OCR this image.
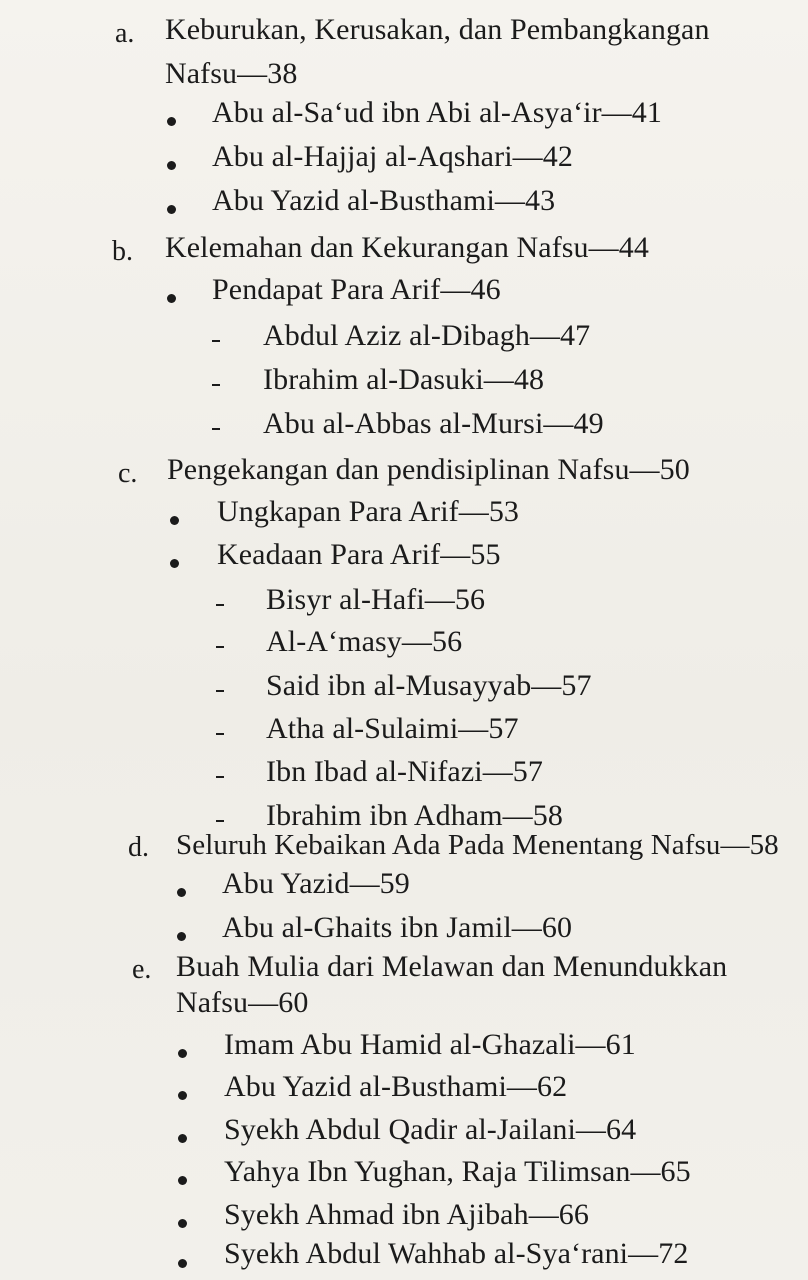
a. Keburukan, Kerusakan, dan Pembangkangan
Nafsu—38
Abu al-Sa‘ud ibn Abi al-Asya‘ir—41
Abu al-Hajjaj al-Aqshari—42
Abu Yazid al-Busthami—43
b. Kelemahan dan Kekurangan Nafsu—44
Pendapat Para Arif—46
Abdul Aziz al-Dibagh—47
Ibrahim al-Dasuki—48
Abu al-Abbas al-Mursi—49
c. Pengekangan dan pendisiplinan Nafsu—50
Ungkapan Para Arif—53
Keadaan Para Arif—55
Bisyr al-Hafi—56
Al-A‘masy—56
Said ibn al-Musayyab—57
Atha al-Sulaimi—57
Ibn Ibad al-Nifazi—57
Ibrahim ibn Adham—58
d. Seluruh Kebaikan Ada Pada Menentang Nafsu—58
Abu Yazid—59
Abu al-Ghaits ibn Jamil—60
e. Buah Mulia dari Melawan dan Menundukkan
Nafsu—60
Imam Abu Hamid al-Ghazali—61
Abu Yazid al-Busthami—62
Syekh Abdul Qadir al-Jailani—64
Yahya Ibn Yughan, Raja Tilimsan—65
Syekh Ahmad ibn Ajibah—66
Syekh Abdul Wahhab al-Sya‘rani—72
